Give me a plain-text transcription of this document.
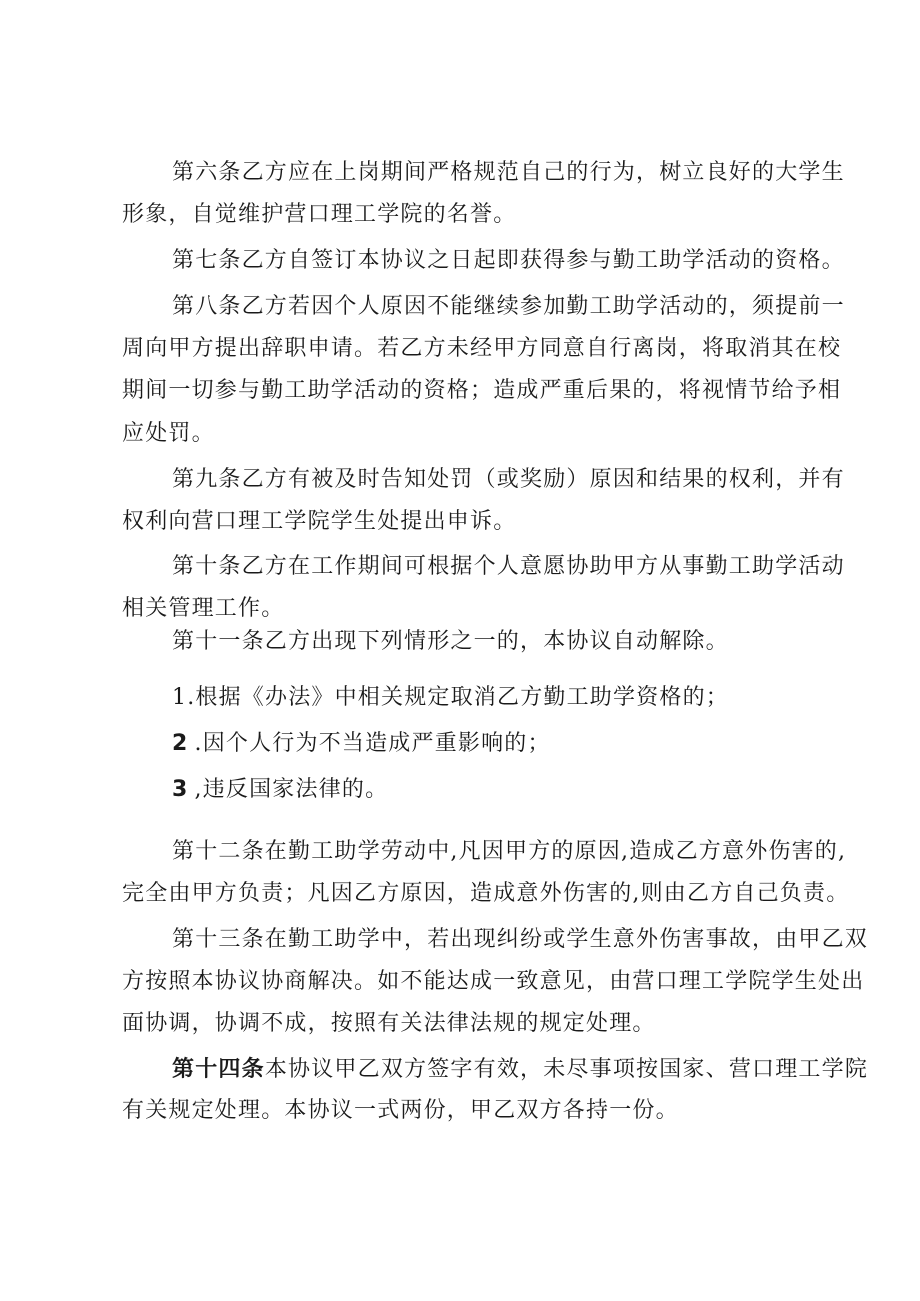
第六条乙方应在上岗期间严格规范自己的行为，树立良好的大学生
形象，自觉维护营口理工学院的名誉。
第七条乙方自签订本协议之日起即获得参与勤工助学活动的资格。
第八条乙方若因个人原因不能继续参加勤工助学活动的，须提前一
周向甲方提出辞职申请。若乙方未经甲方同意自行离岗，将取消其在校
期间一切参与勤工助学活动的资格；造成严重后果的，将视情节给予相
应处罚。
第九条乙方有被及时告知处罚（或奖励）原因和结果的权利，并有
权利向营口理工学院学生处提出申诉。
第十条乙方在工作期间可根据个人意愿协助甲方从事勤工助学活动
相关管理工作。
第十一条乙方出现下列情形之一的，本协议自动解除。
1.根据《办法》中相关规定取消乙方勤工助学资格的；
2 .因个人行为不当造成严重影响的；
3 ,违反国家法律的。
第十二条在勤工助学劳动中,凡因甲方的原因,造成乙方意外伤害的,
完全由甲方负责；凡因乙方原因，造成意外伤害的,则由乙方自己负责。
第十三条在勤工助学中，若出现纠纷或学生意外伤害事故，由甲乙双
方按照本协议协商解决。如不能达成一致意见，由营口理工学院学生处出
面协调，协调不成，按照有关法律法规的规定处理。
第十四条本协议甲乙双方签字有效，未尽事项按国家、营口理工学院
有关规定处理。本协议一式两份，甲乙双方各持一份。
